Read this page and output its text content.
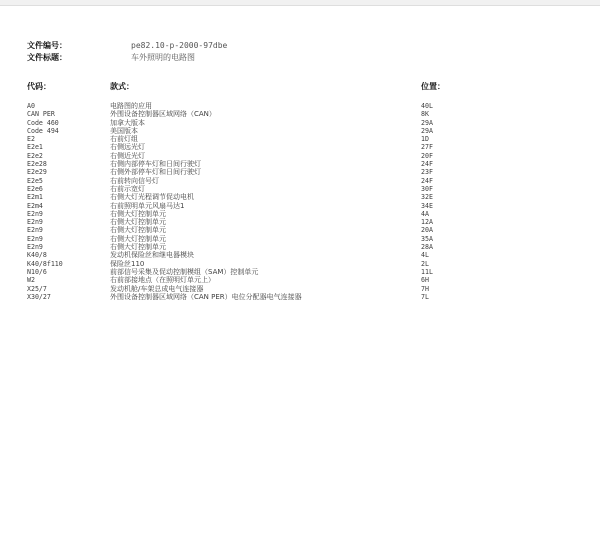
文件编号：	pe82.10-p-2000-97dbe
文件标题：	车外照明的电路图
代码：	款式：	位置：
A0	电路图的应用	40L
CAN PER	外围设备控制器区域网络（CAN）	8K
Code 460	加拿大版本	29A
Code 494	美国版本	29A
E2	右前灯组	1D
E2e1	右侧远光灯	27F
E2e2	右侧近光灯	20F
E2e28	右侧内部停车灯和日间行驶灯	24F
E2e29	右侧外部停车灯和日间行驶灯	23F
E2e5	右前转向信号灯	24F
E2e6	右前示宽灯	30F
E2m1	右侧大灯光程调节促动电机	32E
E2m4	右前照明单元风扇马达1	34E
E2n9	右侧大灯控制单元	4A
E2n9	右侧大灯控制单元	12A
E2n9	右侧大灯控制单元	20A
E2n9	右侧大灯控制单元	35A
E2n9	右侧大灯控制单元	28A
K40/8	发动机保险丝和继电器模块	4L
K40/8f110	保险丝110	2L
N10/6	前部信号采集及促动控制模组（SAM）控制单元	11L
W2	右前部接地点（在照明灯单元上）	6H
X25/7	发动机舱/车架总成电气连接器	7H
X30/27	外围设备控制器区域网络（CAN PER）电位分配器电气连接器	7L
